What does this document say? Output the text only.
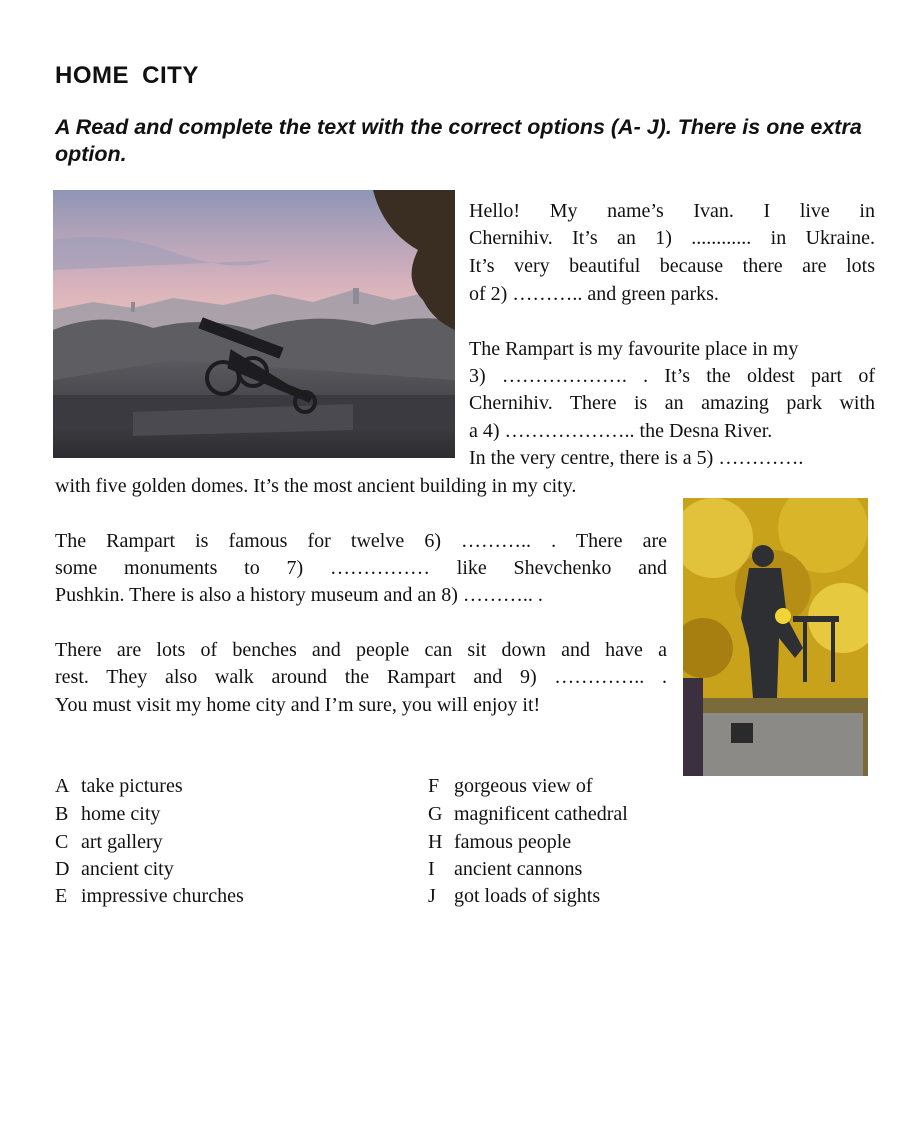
HOME CITY
A Read and complete the text with the correct options (A- J). There is one extra option.
Hello! My name’s Ivan. I live in
Chernihiv. It’s an 1) ............ in Ukraine.
It’s very beautiful because there are lots
of 2) ……….. and green parks.
The Rampart is my favourite place in my
3) ………………. . It’s the oldest part of
Chernihiv. There is an amazing park with
a 4) ……………….. the Desna River.
In the very centre, there is a 5) ………….
with five golden domes. It’s the most ancient building in my city.
The Rampart is famous for twelve 6) ……….. . There are
some monuments to 7) …………… like Shevchenko and
Pushkin. There is also a history museum and an 8) ……….. .
There are lots of benches and people can sit down and have a
rest. They also walk around the Rampart and 9) ………….. .
You must visit my home city and I’m sure, you will enjoy it!
A take pictures
B home city
C art gallery
D ancient city
E impressive churches
F gorgeous view of
G magnificent cathedral
H famous people
I ancient cannons
J got loads of sights
